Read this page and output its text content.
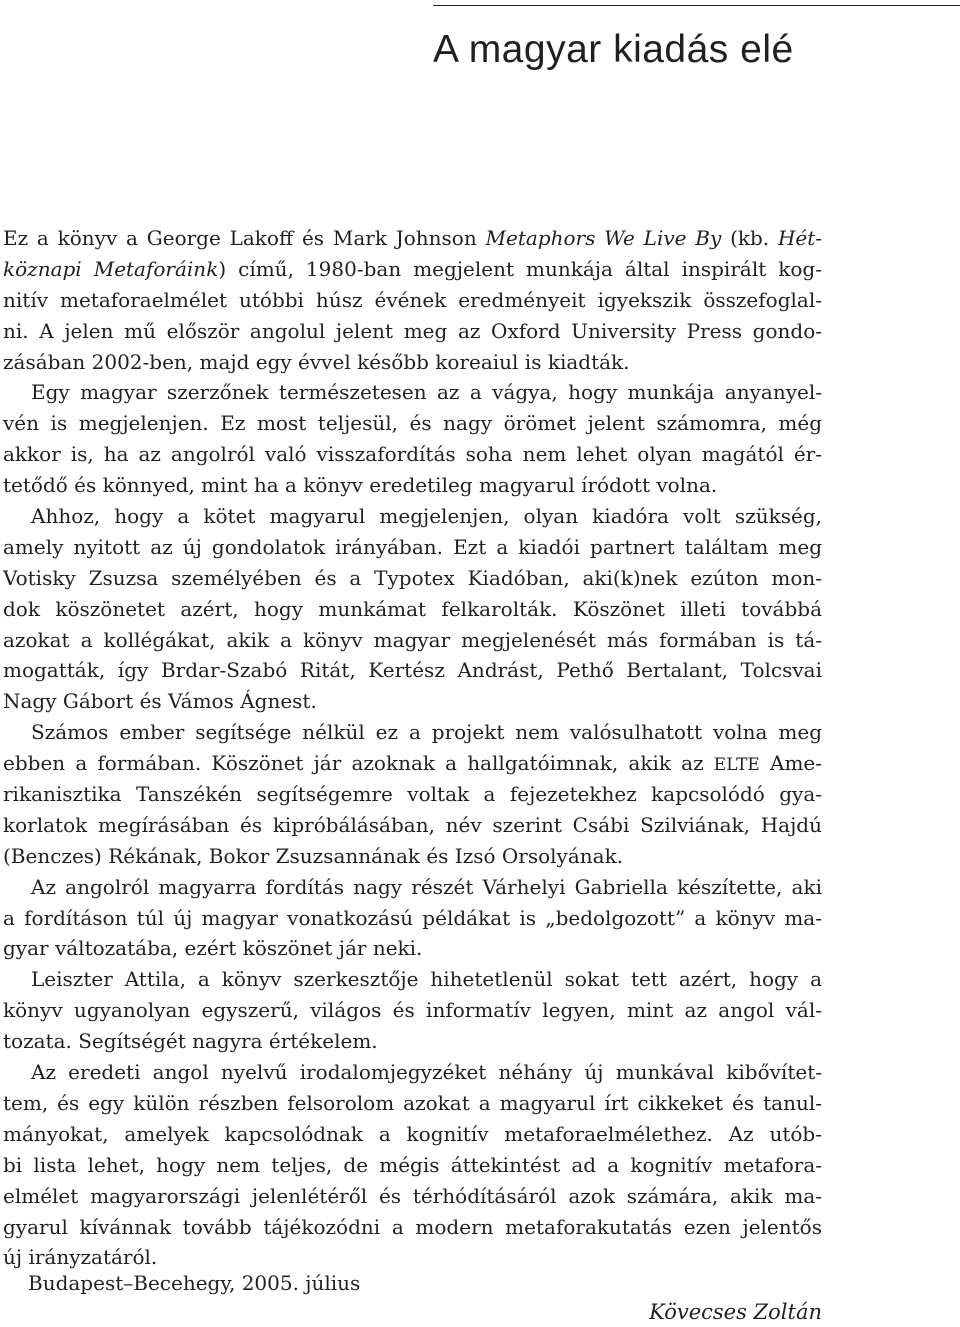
A magyar kiadás elé
Ez a könyv a George Lakoff és Mark Johnson Metaphors We Live By (kb. Hét-
köznapi Metaforáink) című, 1980-ban megjelent munkája által inspirált kog-
nitív metaforaelmélet utóbbi húsz évének eredményeit igyekszik összefoglal-
ni. A jelen mű először angolul jelent meg az Oxford University Press gondo-
zásában 2002-ben, majd egy évvel később koreaiul is kiadták.
Egy magyar szerzőnek természetesen az a vágya, hogy munkája anyanyel-
vén is megjelenjen. Ez most teljesül, és nagy örömet jelent számomra, még
akkor is, ha az angolról való visszafordítás soha nem lehet olyan magától ér-
tetődő és könnyed, mint ha a könyv eredetileg magyarul íródott volna.
Ahhoz, hogy a kötet magyarul megjelenjen, olyan kiadóra volt szükség,
amely nyitott az új gondolatok irányában. Ezt a kiadói partnert találtam meg
Votisky Zsuzsa személyében és a Typotex Kiadóban, aki(k)nek ezúton mon-
dok köszönetet azért, hogy munkámat felkarolták. Köszönet illeti továbbá
azokat a kollégákat, akik a könyv magyar megjelenését más formában is tá-
mogatták, így Brdar-Szabó Ritát, Kertész Andrást, Pethő Bertalant, Tolcsvai
Nagy Gábort és Vámos Ágnest.
Számos ember segítsége nélkül ez a projekt nem valósulhatott volna meg
ebben a formában. Köszönet jár azoknak a hallgatóimnak, akik az ELTE Ame-
rikanisztika Tanszékén segítségemre voltak a fejezetekhez kapcsolódó gya-
korlatok megírásában és kipróbálásában, név szerint Csábi Szilviának, Hajdú
(Benczes) Rékának, Bokor Zsuzsannának és Izsó Orsolyának.
Az angolról magyarra fordítás nagy részét Várhelyi Gabriella készítette, aki
a fordításon túl új magyar vonatkozású példákat is „bedolgozott” a könyv ma-
gyar változatába, ezért köszönet jár neki.
Leiszter Attila, a könyv szerkesztője hihetetlenül sokat tett azért, hogy a
könyv ugyanolyan egyszerű, világos és informatív legyen, mint az angol vál-
tozata. Segítségét nagyra értékelem.
Az eredeti angol nyelvű irodalomjegyzéket néhány új munkával kibővítet-
tem, és egy külön részben felsorolom azokat a magyarul írt cikkeket és tanul-
mányokat, amelyek kapcsolódnak a kognitív metaforaelmélethez. Az utób-
bi lista lehet, hogy nem teljes, de mégis áttekintést ad a kognitív metafora-
elmélet magyarországi jelenlétéről és térhódításáról azok számára, akik ma-
gyarul kívánnak tovább tájékozódni a modern metaforakutatás ezen jelentős
új irányzatáról.
Budapest–Becehegy, 2005. július
Kövecses Zoltán
